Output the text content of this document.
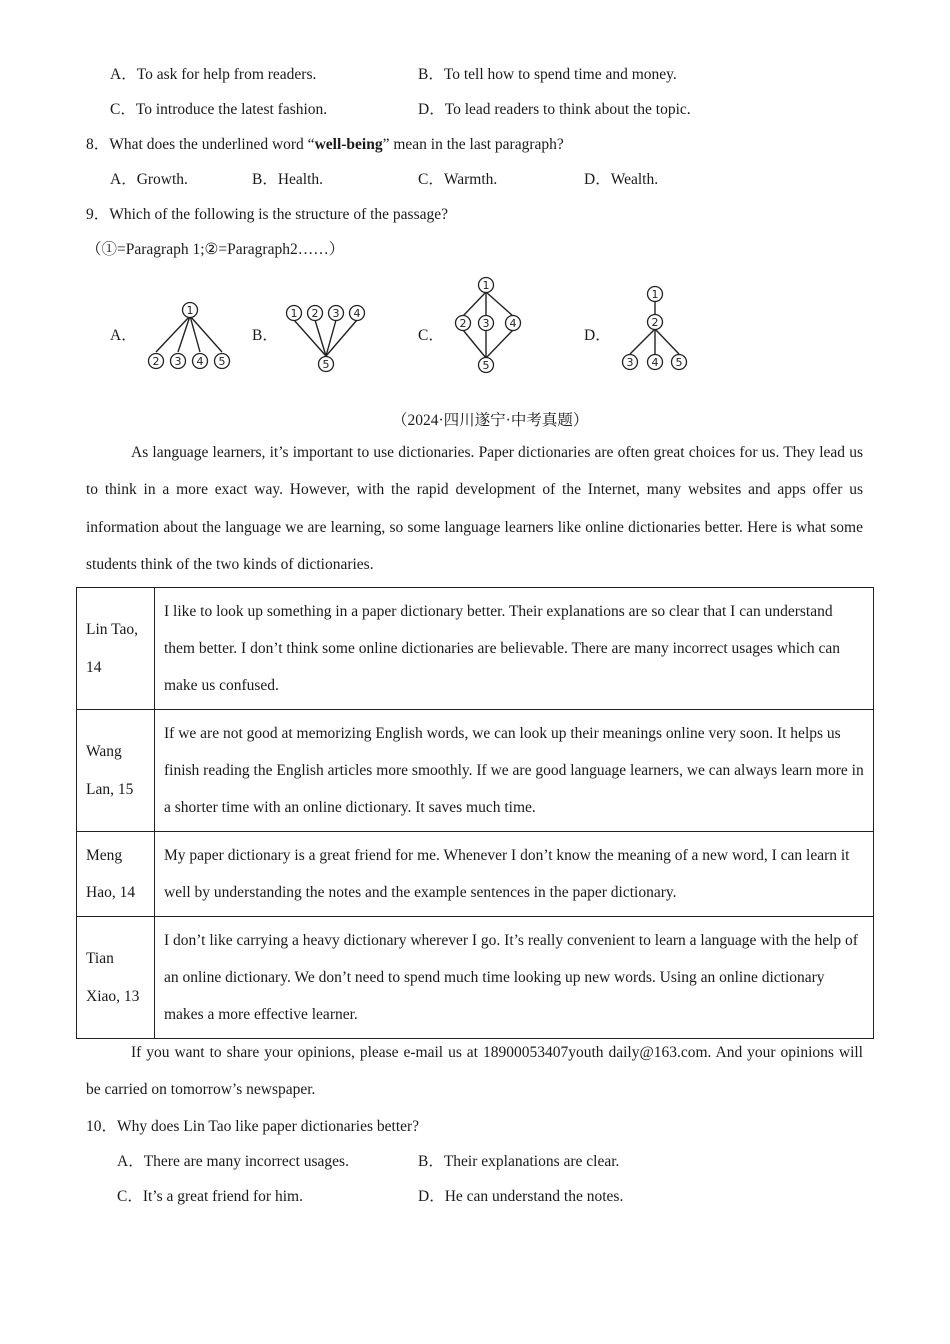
A．To ask for help from readers.	B．To tell how to spend time and money.
C．To introduce the latest fashion.	D．To lead readers to think about the topic.
8．What does the underlined word “well-being” mean in the last paragraph?
A．Growth.	B．Health.	C．Warmth.	D．Wealth.
9．Which of the following is the structure of the passage?
（①=Paragraph 1;②=Paragraph2……）
A．	B．	C．	D．
1
2 3 4 5
1 2 3 4
5
1
2 3 4
5
1
2
3 4 5
（2024·四川遂宁·中考真题）
As language learners, it’s important to use dictionaries. Paper dictionaries are often great choices for us. They lead us to think in a more exact way. However, with the rapid development of the Internet, many websites and apps offer us information about the language we are learning, so some language learners like online dictionaries better. Here is what some students think of the two kinds of dictionaries.
Lin Tao, 14	I like to look up something in a paper dictionary better. Their explanations are so clear that I can understand them better. I don’t think some online dictionaries are believable. There are many incorrect usages which can make us confused.
Wang Lan, 15	If we are not good at memorizing English words, we can look up their meanings online very soon. It helps us finish reading the English articles more smoothly. If we are good language learners, we can always learn more in a shorter time with an online dictionary. It saves much time.
Meng Hao, 14	My paper dictionary is a great friend for me. Whenever I don’t know the meaning of a new word, I can learn it well by understanding the notes and the example sentences in the paper dictionary.
Tian Xiao, 13	I don’t like carrying a heavy dictionary wherever I go. It’s really convenient to learn a language with the help of an online dictionary. We don’t need to spend much time looking up new words. Using an online dictionary makes a more effective learner.
If you want to share your opinions, please e-mail us at 18900053407youth daily@163.com. And your opinions will be carried on tomorrow’s newspaper.
10．Why does Lin Tao like paper dictionaries better?
A．There are many incorrect usages.	B．Their explanations are clear.
C．It’s a great friend for him.	D．He can understand the notes.
